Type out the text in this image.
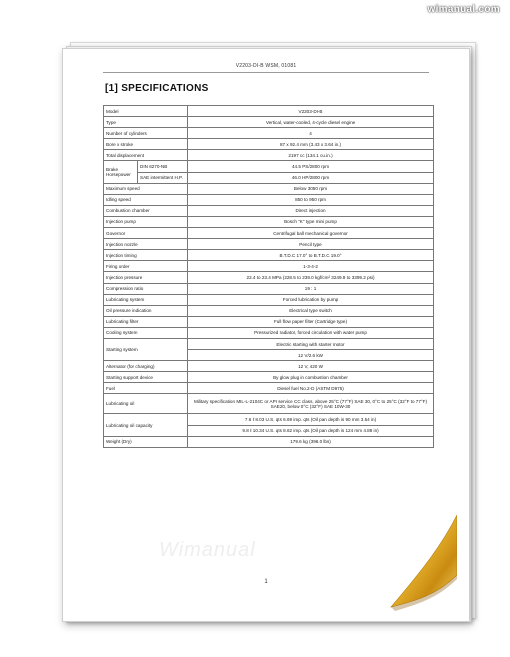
V2203-DI-B WSM, 01081
[1] SPECIFICATIONS
Model		V2203-DI-B
Type		Vertical, water-cooled, 4-cycle diesel engine
Number of cylinders		4
Bore x stroke		87 x 92.4 mm (3.43 x 3.64 in.)
Total displacement		2197 cc (134.1 cu.in.)
Brake Horsepower	DIN 6270-NB	44.5 PS/2800 rpm
	SAE intermittent H.P.	46.0 HP/2800 rpm
Maximum speed		Below 3050 rpm
Idling speed		850 to 950 rpm
Combustion chamber		Direct injection
Injection pump		Bosch "K" type mini pump
Governor		Centrifugal ball mechanical governor
Injection nozzle		Pencil type
Injection timing		B.T.D.C 17.0° to B.T.D.C 19.0°
Firing order		1-3-4-2
Injection pressure		22.4 to 23.4 MPa (228.5 to 239.0 kgf/cm² 3249.9 to 3399.2 psi)
Compression ratio		19 : 1
Lubricating system		Forced lubrication by pump
Oil pressure indication		Electrical type switch
Lubricating filter		Full flow paper filter (Cartridge type)
Cooling system		Pressurized radiator, forced circulation with water pump
Starting system		Electric starting with starter motor
		12 V/2.6 kW
Alternator (for charging)		12 V, 420 W
Starting support device		By glow plug in combustion chamber
Fuel		Diesel fuel No.2-D (ASTM D975)
Lubricating oil		Military specification MIL-L-2104C or API service CC class, above 25°C (77°F) SAE 30, 0°C to 25°C (32°F to 77°F) SAE20, below 0°C (32°F) SAE 10W-30
Lubricating oil capacity		7.6 ℓ 8.03 U.S. qts 6.69 imp. qts (Oil pan depth is 90 mm 3.54 in)
		9.8 ℓ 10.34 U.S. qts 8.62 imp. qts (Oil pan depth is 124 mm 4.88 in)
Weight (Dry)		179.6 kg (396.0 lbs)
Wimanual
1
wimanual.com
